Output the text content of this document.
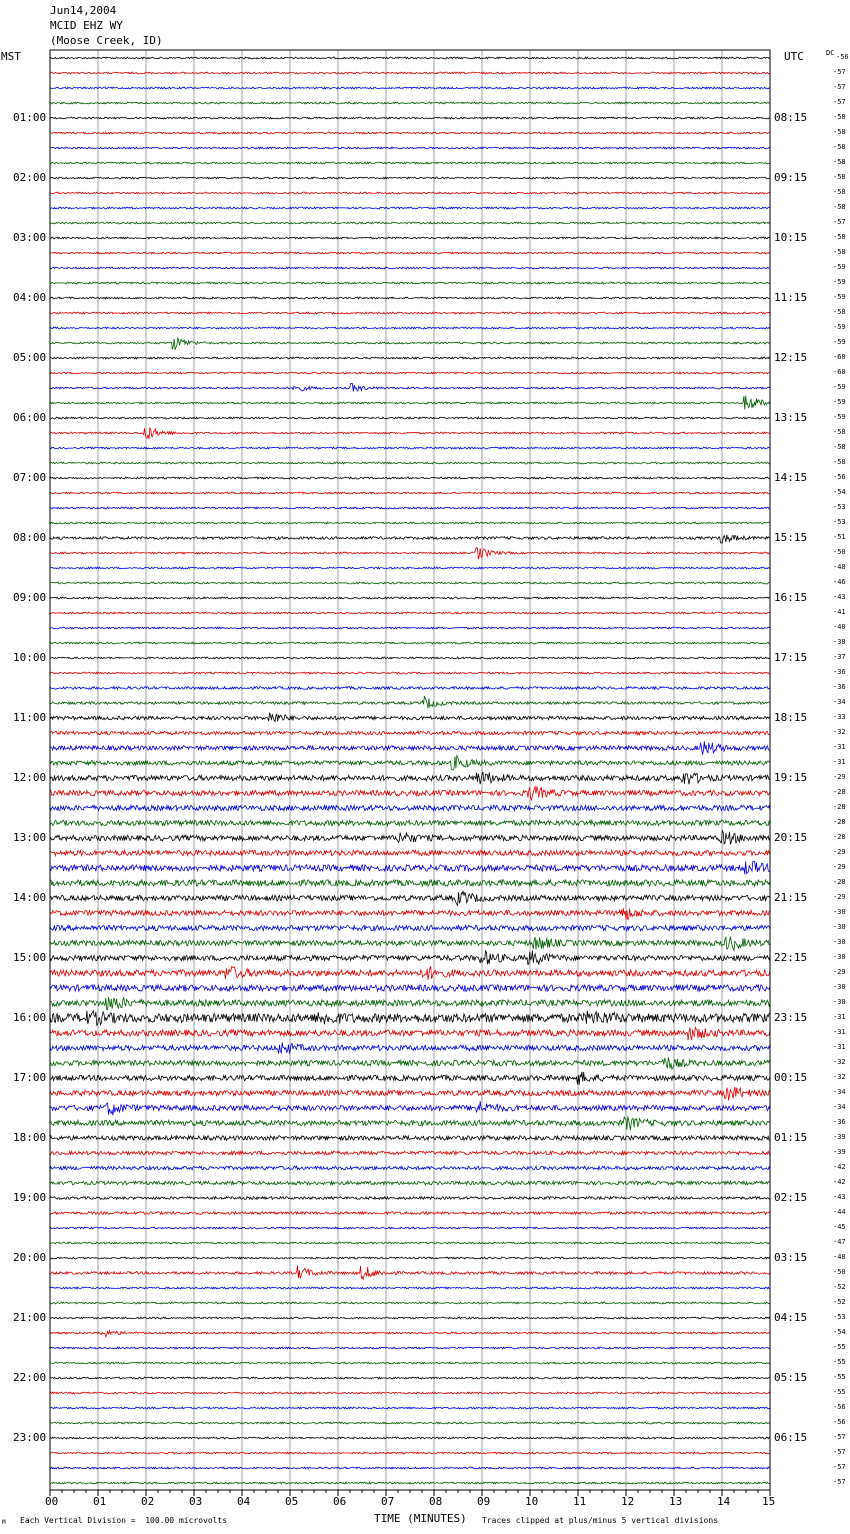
Jun14,2004
MCID EHZ WY
(Moose Creek, ID)
MST	UTC	DC -56
-57
-57
-57
-58
-58
-58
-58
-58
-58
-58
-57
-58
-58
-59
-59
-59
-58
-59
-59
-60
-60
-59
-59
-59
-58
-58
-58
-56
-54
-53
-53
-51
-50
-48
-46
-43
-41
-40
-38
-37
-36
-36
-34
-33
-32
-31
-31
-29
-28
-28
-28
-28
-29
-29
-28
-29
-30
-30
-30
-30
-29
-30
-30
-31
-31
-31
-32
-32
-34
-34
-36
-39
-39
-42
-42
-43
-44
-45
-47
-48
-50
-52
-52
-53
-54
-55
-55
-55
-55
-56
-56
-57
-57
-57
-57
01:00	08:15
02:00	09:15
03:00	10:15
04:00	11:15
05:00	12:15
06:00	13:15
07:00	14:15
08:00	15:15
09:00	16:15
10:00	17:15
11:00	18:15
12:00	19:15
13:00	20:15
14:00	21:15
15:00	22:15
16:00	23:15
17:00	00:15
18:00	01:15
19:00	02:15
20:00	03:15
21:00	04:15
22:00	05:15
23:00	06:15
00	01	02	03	04	05	06	07	08	09	10	11	12	13	14	15
M Each Vertical Division =  100.00 microvolts	TIME (MINUTES) Traces clipped at plus/minus 5 vertical divisions
